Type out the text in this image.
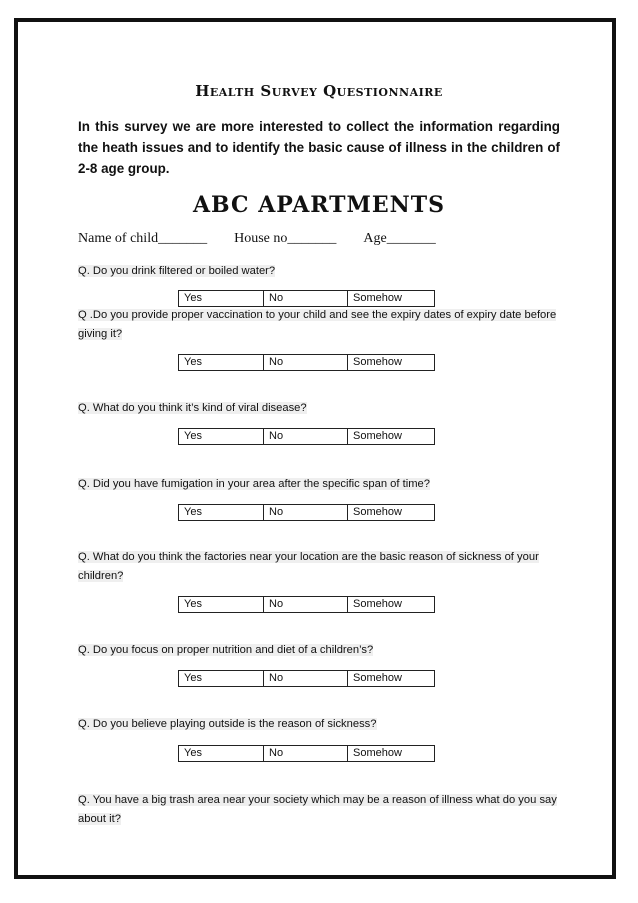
Health Survey Questionnaire
In this survey we are more interested to collect the information regarding the heath issues and to identify the basic cause of illness in the children of 2-8 age group.
ABC APARTMENTS
Name of child_______ House no_______ Age_______
Q. Do you drink filtered or boiled water?
Yes	No	Somehow
Q .Do you provide proper vaccination to your child and see the expiry dates of expiry date before giving it?
Yes	No	Somehow
Q. What do you think it’s kind of viral disease?
Yes	No	Somehow
Q. Did you have fumigation in your area after the specific span of time?
Yes	No	Somehow
Q. What do you think the factories near your location are the basic reason of sickness of your children?
Yes	No	Somehow
Q. Do you focus on proper nutrition and diet of a children’s?
Yes	No	Somehow
Q. Do you believe playing outside is the reason of sickness?
Yes	No	Somehow
Q. You have a big trash area near your society which may be a reason of illness what do you say about it?
